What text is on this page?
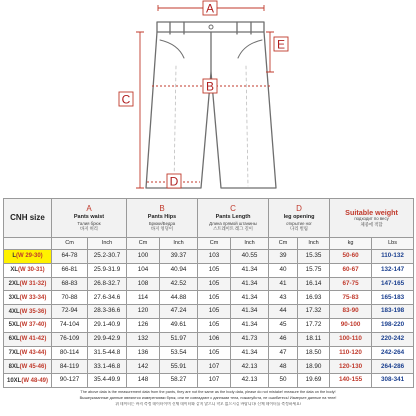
A
B
C
D
E
CNH size	A
Pants waist
Талия брюк
바지 허리		B
Pants Hips
Брюки/Бедра
바지 엉덩이		C
Pants Length
Длина прямой штанины
스트레이트 레그 길이		D
leg opening
открытие ног
다리 벌림		Suitable weight
подходит по весу
체중에 적합	

	Cm	Inch	Cm	Inch	Cm	Inch	Cm	Inch	kg	Lbs
L(W 29-30)	64-78	25.2-30.7	100	39.37	103	40.55	39	15.35	50-60	110-132
XL(W 30-31)	66-81	25.9-31.9	104	40.94	105	41.34	40	15.75	60-67	132-147
2XL(W 31-32)	68-83	26.8-32.7	108	42.52	105	41.34	41	16.14	67-75	147-165
3XL(W 33-34)	70-88	27.6-34.6	114	44.88	105	41.34	43	16.93	75-83	165-183
4XL(W 35-36)	72-94	28.3-36.6	120	47.24	105	41.34	44	17.32	83-90	183-198
5XL(W 37-40)	74-104	29.1-40.9	126	49.61	105	41.34	45	17.72	90-100	198-220
6XL(W 41-42)	76-109	29.9-42.9	132	51.97	106	41.73	46	18.11	100-110	220-242
7XL(W 43-44)	80-114	31.5-44.8	136	53.54	105	41.34	47	18.50	110-120	242-264
8XL(W 45-46)	84-119	33.1-46.8	142	55.91	107	42.13	48	18.90	120-130	264-286
10XL(W 48-49)	90-127	35.4-49.9	148	58.27	107	42.13	50	19.69	140-155	308-341
The above data is the measurement data from the pants, they are not the same as the body data, please do not mistake! measure the data on the body!
Вышеуказанные данные являются измерениями брюк, они не совпадают с данными тела, пожалуйста, не ошибитесь! Измерьте данные на теле!
위 데이터는 바지 측정 데이터이며 신체 데이터와 같지 않으니 착오 없으시길 바랍니다! 신체 데이터를 측정하세요!
